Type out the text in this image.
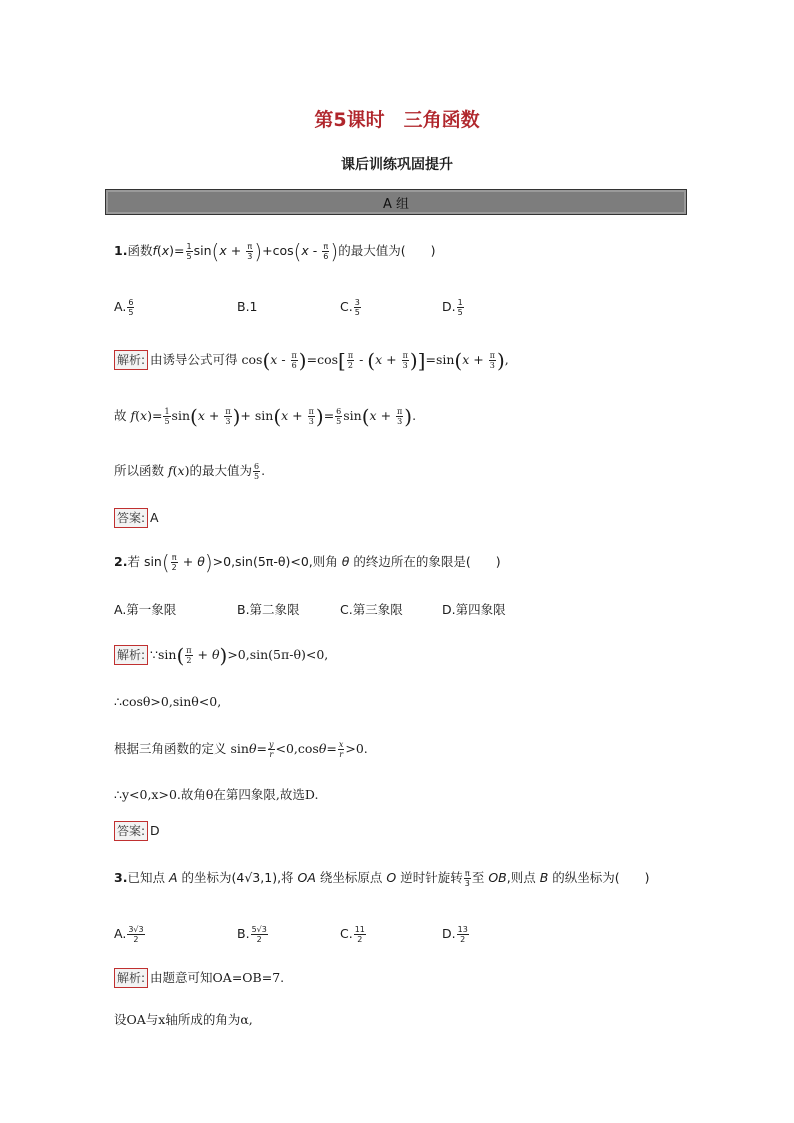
第5课时　三角函数
课后训练巩固提升
A 组
1.函数$f(x)= \frac{1}{5} \sin(x + \frac{\pi}{3} )+\cos(x - \frac{\pi}{6}$ )的最大值为(　　)
A. $\frac{6}{5}$	B.1	C. $\frac{3}{5}$	D. $\frac{1}{5}$
解析: 由诱导公式可得 $\cos(x - \frac{\pi}{6} )=\cos[ \frac{\pi}{2} - (x + \frac{\pi}{3} )]=\sin(x + \frac{\pi}{3}$ ),
故 $f(x)= \frac{1}{5} \sin(x + \frac{\pi}{3}$ )+ $\sin(x + \frac{\pi}{3}$ )= $\frac{6}{5} \sin(x + \frac{\pi}{3}$ ).
所以函数 f(x)的最大值为 $\frac{6}{5}$ .
答案: A
2.若 $\sin( \frac{\pi}{2} + \theta)>0,\sin(5\pi-\theta)<0$,则角 θ 的终边所在的象限是(　　)
A.第一象限	B.第二象限	C.第三象限	D.第四象限
解析: ∵sin( $\frac{\pi}{2} + \theta)>0,\sin(5\pi-\theta)<0$,
∴cosθ>0,sinθ<0,
根据三角函数的定义 $\sin\theta= \frac{y}{r} <0,\cos\theta= \frac{x}{r} >0$.
∴y<0,x>0.故角θ在第四象限,故选D.
答案: D
3.已知点 A 的坐标为(4√3,1),将 OA 绕坐标原点 O 逆时针旋转 $\frac{\pi}{3}$ 至 OB,则点 B 的纵坐标为(　　)
A. $\frac{3√3}{2}$	B. $\frac{5√3}{2}$	C. $\frac{11}{2}$	D. $\frac{13}{2}$
解析: 由题意可知OA=OB=7.
设OA与x轴所成的角为α,
